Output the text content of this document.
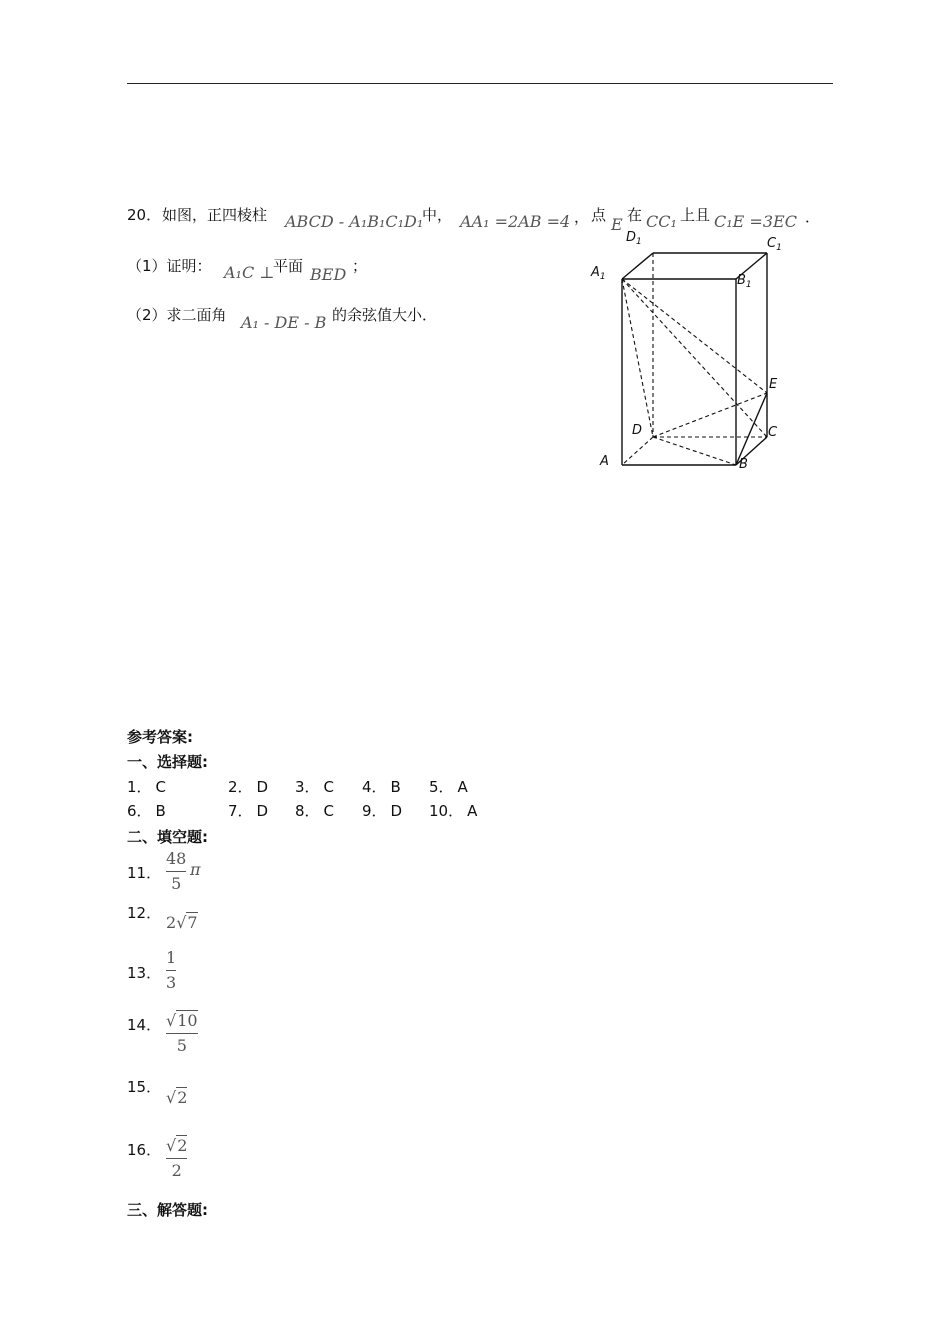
20． 如图，正四棱柱 ABCD - A₁B₁C₁D₁
中， AA₁ =2AB =4 ， 点 E 在 CC₁ 上且 C₁E =3EC ．
（1）证明： A₁C ⊥
平面 BED ；
（2）求二面角 A₁ - DE - B 的余弦值大小．
$A_1$
$D_1$	$C_1$
$B_1$
E
D	C
A	B
参考答案:
一、选择题:
1． C	2． D 3． C 4． B 5． A
6． B	7． D 8． C 9． D 10． A
二、填空题:
11．
48
5
π
12． 2√7
13．
1
3
14． √10
5
15．
√2
16． √2
2
三、解答题:
